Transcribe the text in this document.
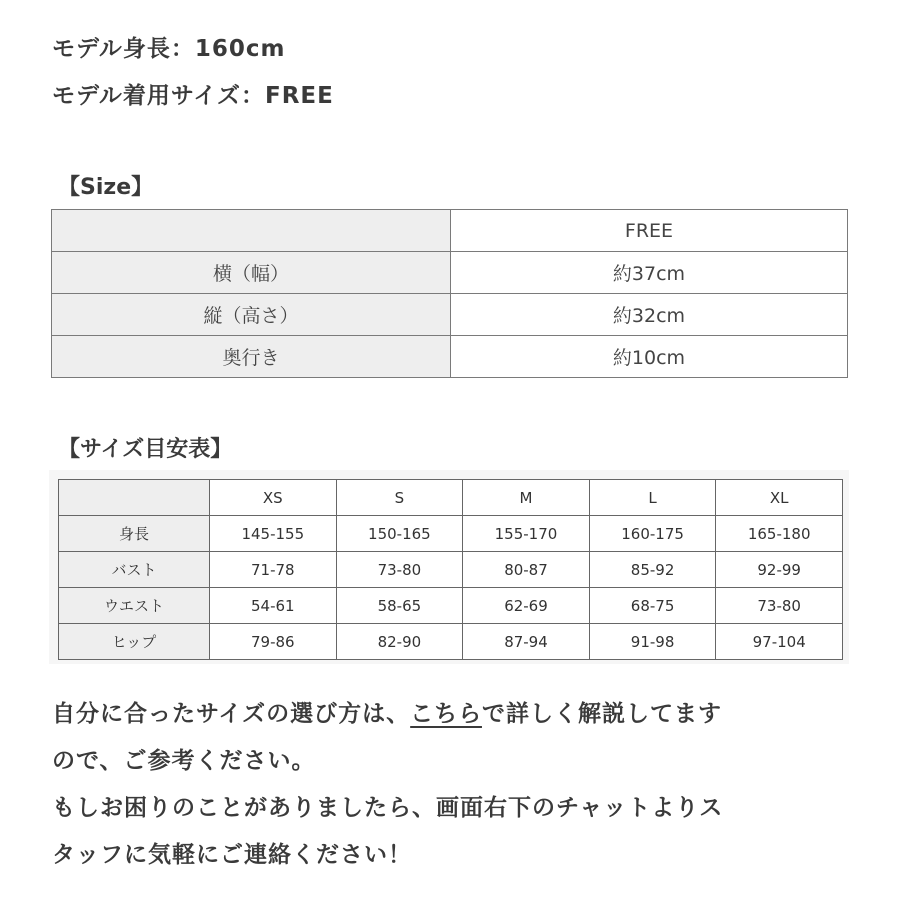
モデル身長：160cm
モデル着用サイズ：FREE
【Size】
	FREE
横（幅）	約37cm
縦（高さ）	約32cm
奥行き	約10cm
【サイズ目安表】
	XS	S	M	L	XL
身長	145-155	150-165	155-170	160-175	165-180
バスト	71-78	73-80	80-87	85-92	92-99
ウエスト	54-61	58-65	62-69	68-75	73-80
ヒップ	79-86	82-90	87-94	91-98	97-104
自分に合ったサイズの選び方は、こちらで詳しく解説してます
ので、ご参考ください。
もしお困りのことがありましたら、画面右下のチャットよりス
タッフに気軽にご連絡ください！
